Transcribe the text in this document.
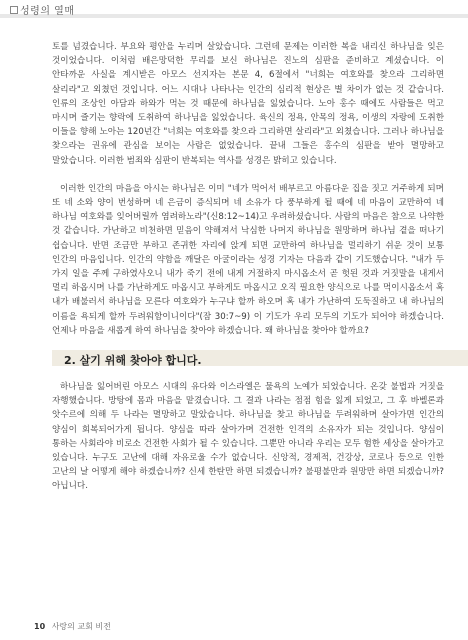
성령의 열매

토를 넘겼습니다. 부요와 평안을 누리며 살았습니다. 그런데 문제는 이러한 복을 내리신 하나님을 잊은 것이었습니다. 이처럼 배은망덕한 무리를 보신 하나님은 진노의 심판을 준비하고 계셨습니다. 이 안타까운 사실을 계시받은 아모스 선지자는 본문 4, 6절에서 "너희는 여호와를 찾으라 그리하면 살리라"고 외쳤던 것입니다. 어느 시대나 나타나는 인간의 심리적 현상은 별 차이가 없는 것 같습니다. 인류의 조상인 아담과 하와가 먹는 것 때문에 하나님을 잃었습니다. 노아 홍수 때에도 사람들은 먹고 마시며 즐기는 향락에 도취하여 하나님을 잃었습니다. 육신의 정욕, 안목의 정욕, 이생의 자랑에 도취한 이들을 향해 노아는 120년간 "너희는 여호와를 찾으라 그리하면 살리라"고 외쳤습니다. 그러나 하나님을 찾으라는 권유에 관심을 보이는 사람은 없었습니다. 끝내 그들은 홍수의 심판을 받아 멸망하고 말았습니다. 이러한 범죄와 심판이 반복되는 역사를 성경은 밝히고 있습니다.

이러한 인간의 마음을 아시는 하나님은 이미 "네가 먹어서 배부르고 아름다운 집을 짓고 거주하게 되며 또 네 소와 양이 번성하며 네 은금이 증식되며 네 소유가 다 풍부하게 될 때에 네 마음이 교만하여 네 하나님 여호와를 잊어버릴까 염려하노라"(신8:12~14)고 우려하셨습니다. 사람의 마음은 참으로 나약한 것 같습니다. 가난하고 비천하면 믿음이 약해져서 낙심한 나머지 하나님을 원망하며 하나님 곁을 떠나기 쉽습니다. 반면 조금만 부하고 존귀한 자리에 앉게 되면 교만하여 하나님을 멀리하기 쉬운 것이 보통 인간의 마음입니다. 인간의 약함을 깨달은 아굴이라는 성경 기자는 다음과 같이 기도했습니다. "내가 두 가지 일을 주께 구하였사오니 내가 죽기 전에 내게 거절하지 마시옵소서 곧 헛된 것과 거짓말을 내게서 멀리 하옵시며 나를 가난하게도 마옵시고 부하게도 마옵시고 오직 필요한 양식으로 나를 먹이시옵소서 혹 내가 배불러서 하나님을 모른다 여호와가 누구냐 할까 하오며 혹 내가 가난하여 도둑질하고 내 하나님의 이름을 욕되게 할까 두려워함이니이다"(잠 30:7~9) 이 기도가 우리 모두의 기도가 되어야 하겠습니다. 언제나 마음을 새롭게 하여 하나님을 찾아야 하겠습니다. 왜 하나님을 찾아야 할까요?

2. 살기 위해 찾아야 합니다.

하나님을 잃어버린 아모스 시대의 유다와 이스라엘은 물욕의 노예가 되었습니다. 온갖 불법과 거짓을 자행했습니다. 방탕에 몸과 마음을 맡겼습니다. 그 결과 나라는 점점 힘을 잃게 되었고, 그 후 바벨론과 앗수르에 의해 두 나라는 멸망하고 말았습니다. 하나님을 찾고 하나님을 두려워하며 살아가면 인간의 양심이 회복되어가게 됩니다. 양심을 따라 살아가며 건전한 인격의 소유자가 되는 것입니다. 양심이 통하는 사회라야 비로소 건전한 사회가 될 수 있습니다. 그뿐만 아니라 우리는 모두 험한 세상을 살아가고 있습니다. 누구도 고난에 대해 자유로울 수가 없습니다. 신앙적, 경제적, 건강상, 코로나 등으로 인한 고난의 날 어떻게 해야 하겠습니까? 신세 한탄만 하면 되겠습니까? 불평불만과 원망만 하면 되겠습니까? 아닙니다.

10 사랑의 교회 비전
